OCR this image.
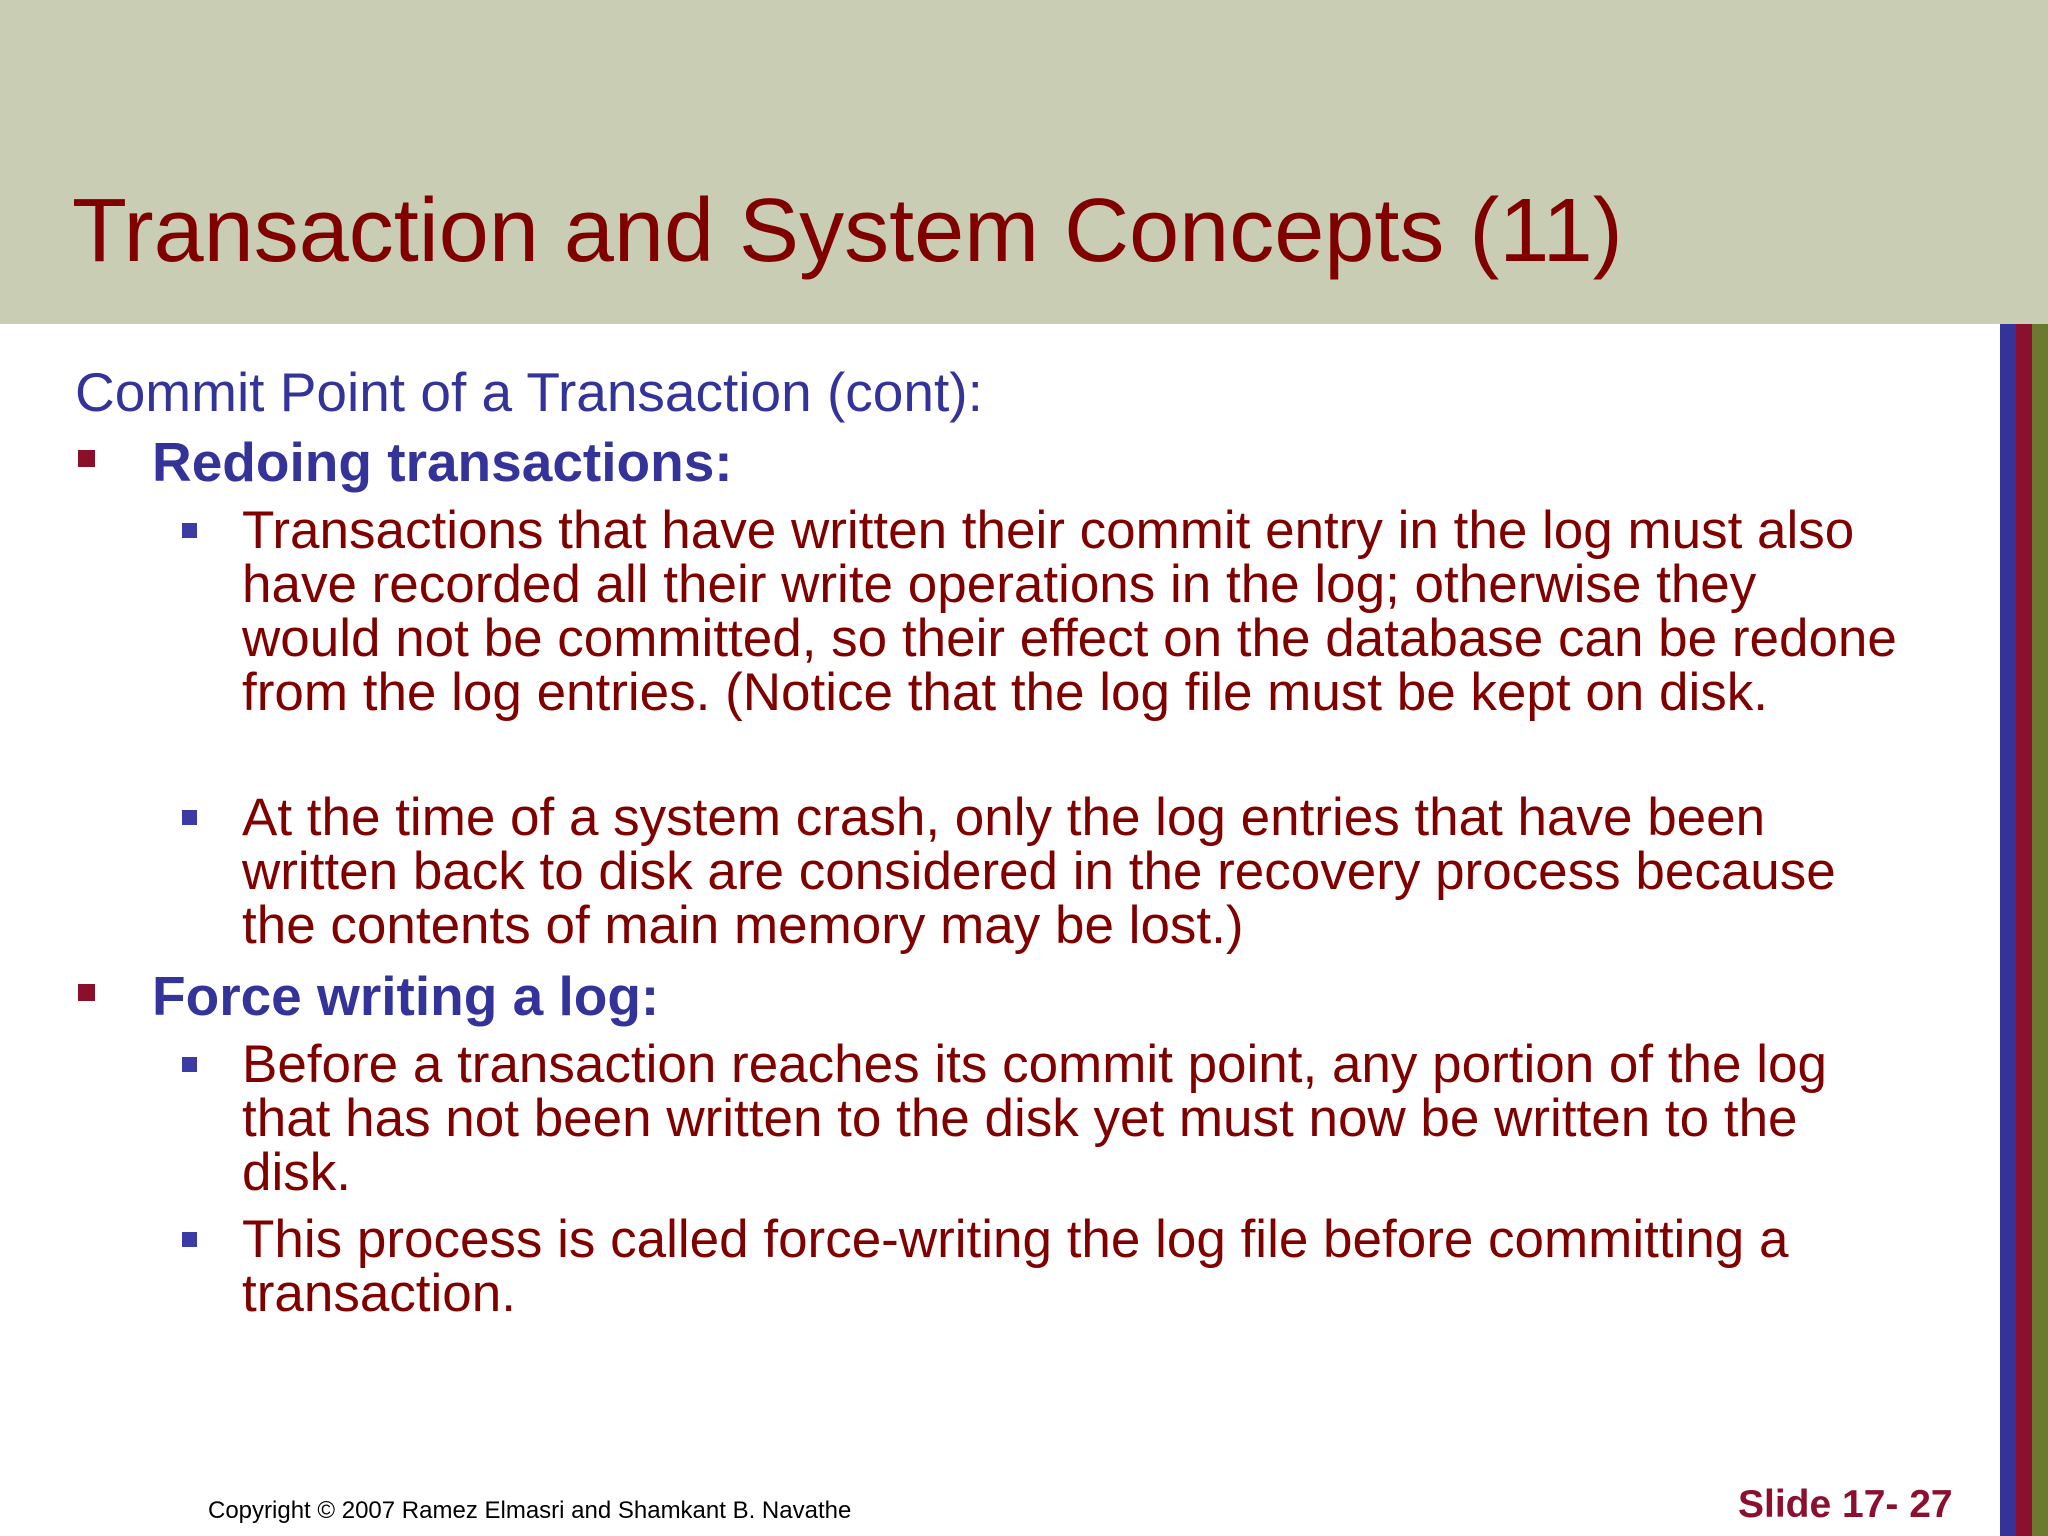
Transaction and System Concepts (11)
Commit Point of a Transaction (cont):
Redoing transactions:
Transactions that have written their commit entry in the log must also have recorded all their write operations in the log; otherwise they would not be committed, so their effect on the database can be redone from the log entries. (Notice that the log file must be kept on disk.
At the time of a system crash, only the log entries that have been written back to disk are considered in the recovery process because the contents of main memory may be lost.)
Force writing a log:
Before a transaction reaches its commit point, any portion of the log that has not been written to the disk yet must now be written to the disk.
This process is called force-writing the log file before committing a transaction.
Copyright © 2007 Ramez Elmasri and Shamkant B. Navathe	Slide 17- 27
